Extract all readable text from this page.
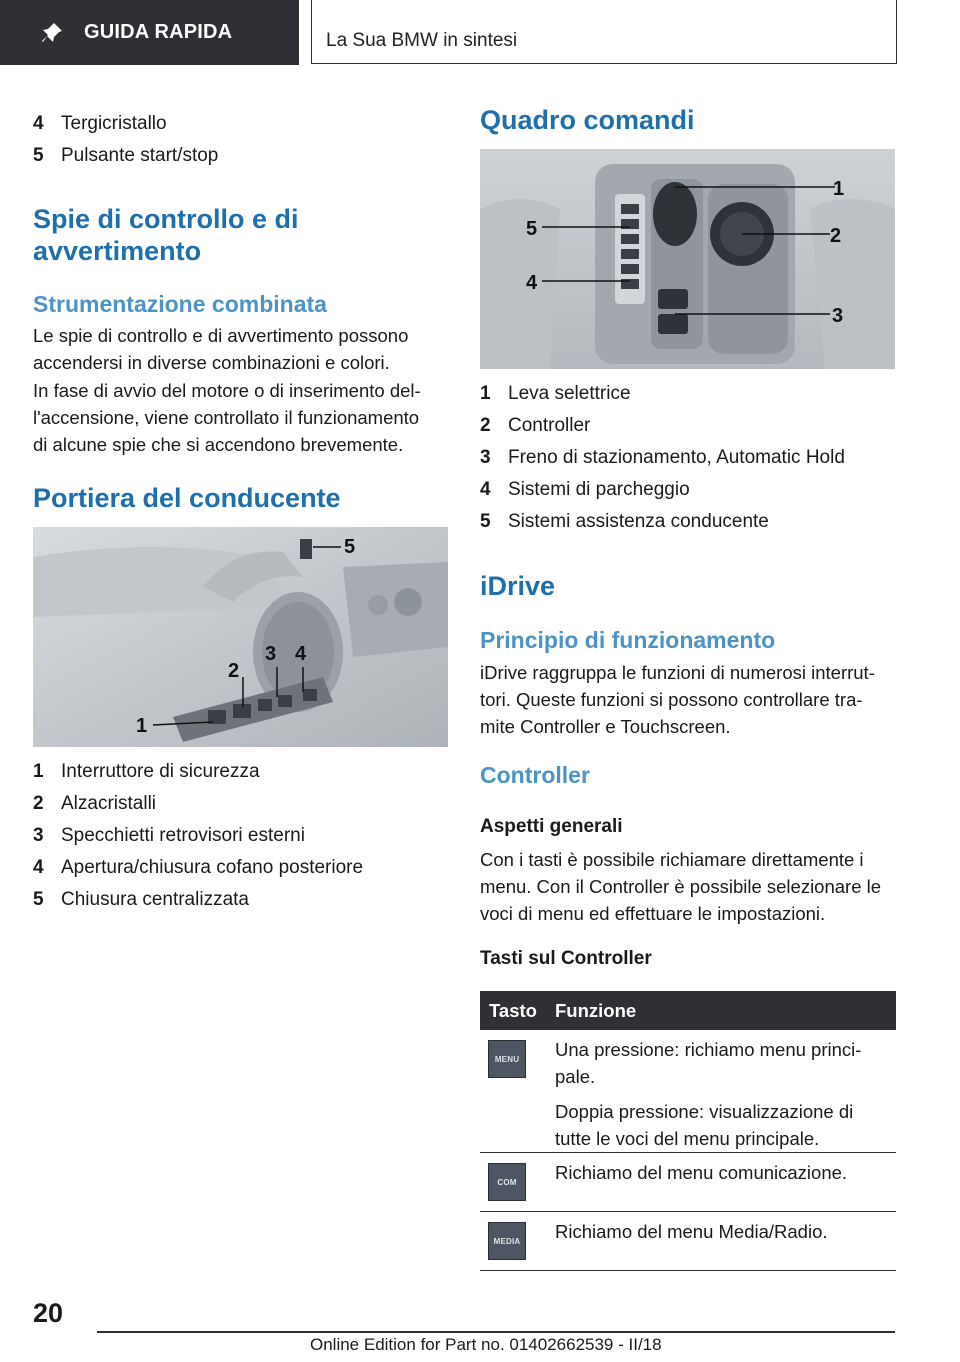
GUIDA RAPIDA	La Sua BMW in sintesi
4 Tergicristallo
5 Pulsante start/stop
Spie di controllo e di
avvertimento
Strumentazione combinata
Le spie di controllo e di avvertimento possono
accendersi in diverse combinazioni e colori.
In fase di avvio del motore o di inserimento del-
l'accensione, viene controllato il funzionamento
di alcune spie che si accendono brevemente.
Portiera del conducente
1
2
3 4
5
1 Interruttore di sicurezza
2 Alzacristalli
3 Specchietti retrovisori esterni
4 Apertura/chiusura cofano posteriore
5 Chiusura centralizzata
Quadro comandi
1
2
3
4
5
1 Leva selettrice
2 Controller
3 Freno di stazionamento, Automatic Hold
4 Sistemi di parcheggio
5 Sistemi assistenza conducente
iDrive
Principio di funzionamento
iDrive raggruppa le funzioni di numerosi interrut-
tori. Queste funzioni si possono controllare tra-
mite Controller e Touchscreen.
Controller
Aspetti generali
Con i tasti è possibile richiamare direttamente i
menu. Con il Controller è possibile selezionare le
voci di menu ed effettuare le impostazioni.
Tasti sul Controller
Tasto Funzione
MENU	Una pressione: richiamo menu princi-
pale.

Doppia pressione: visualizzazione di
tutte le voci del menu principale.

COM	Richiamo del menu comunicazione.

MEDIA	Richiamo del menu Media/Radio.

20
Online Edition for Part no. 01402662539 - II/18
